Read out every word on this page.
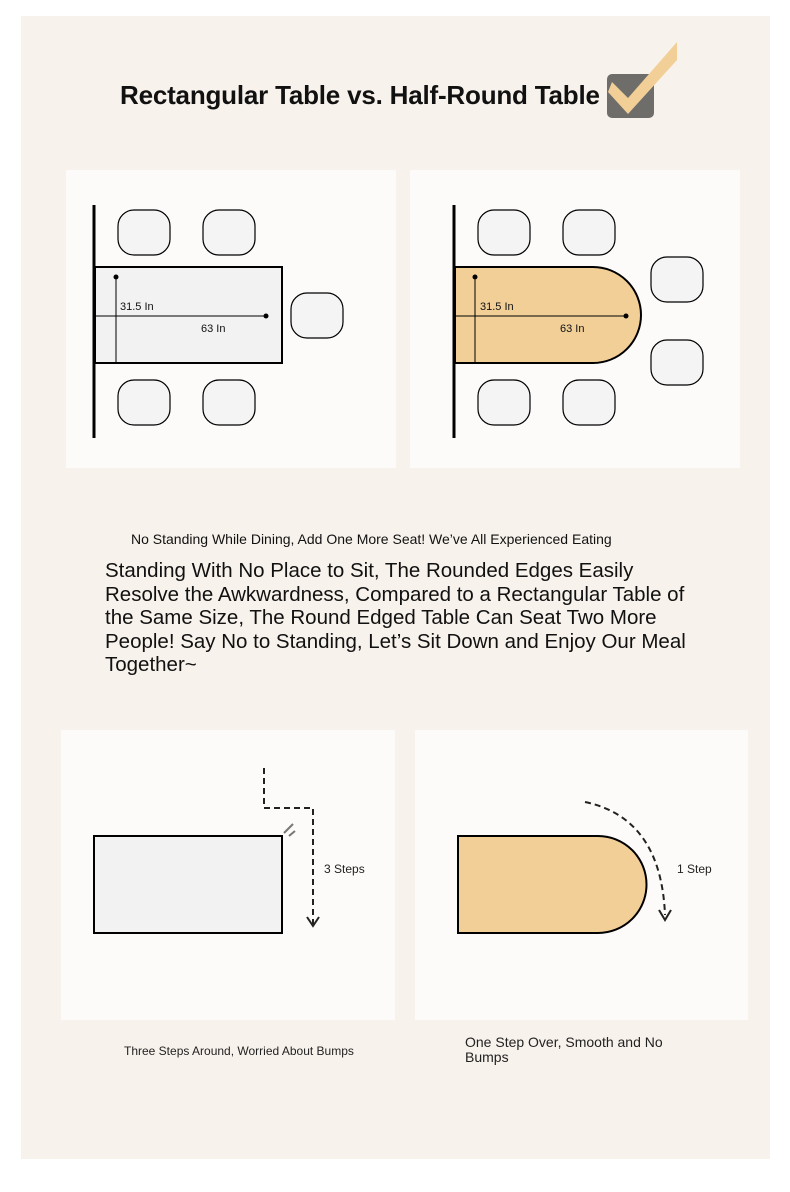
Rectangular Table vs. Half-Round Table
31.5 In
63 In
31.5 In
63 In
No Standing While Dining, Add One More Seat! We’ve All Experienced Eating
Standing With No Place to Sit, The Rounded Edges Easily Resolve the Awkwardness, Compared to a Rectangular Table of the Same Size, The Round Edged Table Can Seat Two More People! Say No to Standing, Let’s Sit Down and Enjoy Our Meal Together~
3 Steps	1 Step
Three Steps Around, Worried About Bumps
One Step Over, Smooth and No Bumps
